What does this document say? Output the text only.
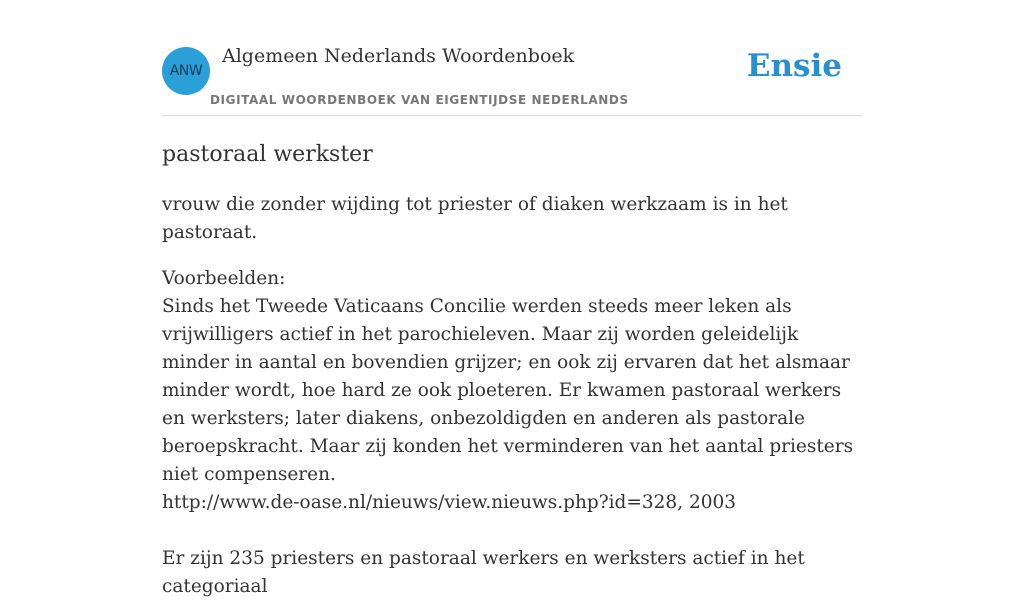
ANW
Algemeen Nederlands Woordenboek
DIGITAAL WOORDENBOEK VAN EIGENTIJDSE NEDERLANDS
Ensie
pastoraal werkster

vrouw die zonder wijding tot priester of diaken werkzaam is in het pastoraat.

Voorbeelden:

Sinds het Tweede Vaticaans Concilie werden steeds meer leken als vrijwilligers actief in het parochieleven. Maar zij worden geleidelijk minder in aantal en bovendien grijzer; en ook zij ervaren dat het alsmaar minder wordt, hoe hard ze ook ploeteren. Er kwamen pastoraal werkers en werksters; later diakens, onbezoldigden en anderen als pastorale beroepskracht. Maar zij konden het verminderen van het aantal priesters niet compenseren.

http://www.de-oase.nl/nieuws/view.nieuws.php?id=328, 2003

Er zijn 235 priesters en pastoraal werkers en werksters actief in het categoriaal
